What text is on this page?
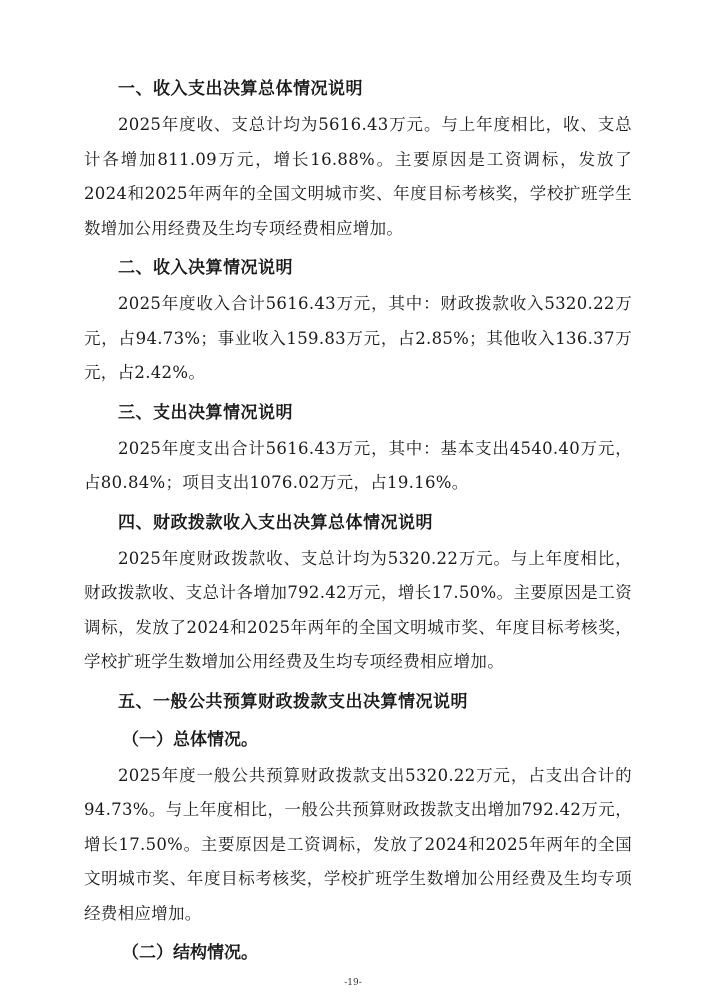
一、收入支出决算总体情况说明

2025年度收、支总计均为5616.43万元。与上年度相比，收、支总计各增加811.09万元，增长16.88%。主要原因是工资调标，发放了2024和2025年两年的全国文明城市奖、年度目标考核奖，学校扩班学生数增加公用经费及生均专项经费相应增加。

二、收入决算情况说明

2025年度收入合计5616.43万元，其中：财政拨款收入5320.22万元，占94.73%；事业收入159.83万元，占2.85%；其他收入136.37万元，占2.42%。

三、支出决算情况说明

2025年度支出合计5616.43万元，其中：基本支出4540.40万元，占80.84%；项目支出1076.02万元，占19.16%。

四、财政拨款收入支出决算总体情况说明

2025年度财政拨款收、支总计均为5320.22万元。与上年度相比，财政拨款收、支总计各增加792.42万元，增长17.50%。主要原因是工资调标，发放了2024和2025年两年的全国文明城市奖、年度目标考核奖，学校扩班学生数增加公用经费及生均专项经费相应增加。

五、一般公共预算财政拨款支出决算情况说明
（一）总体情况。

2025年度一般公共预算财政拨款支出5320.22万元，占支出合计的94.73%。与上年度相比，一般公共预算财政拨款支出增加792.42万元，增长17.50%。主要原因是工资调标，发放了2024和2025年两年的全国文明城市奖、年度目标考核奖，学校扩班学生数增加公用经费及生均专项经费相应增加。

（二）结构情况。
-19-
